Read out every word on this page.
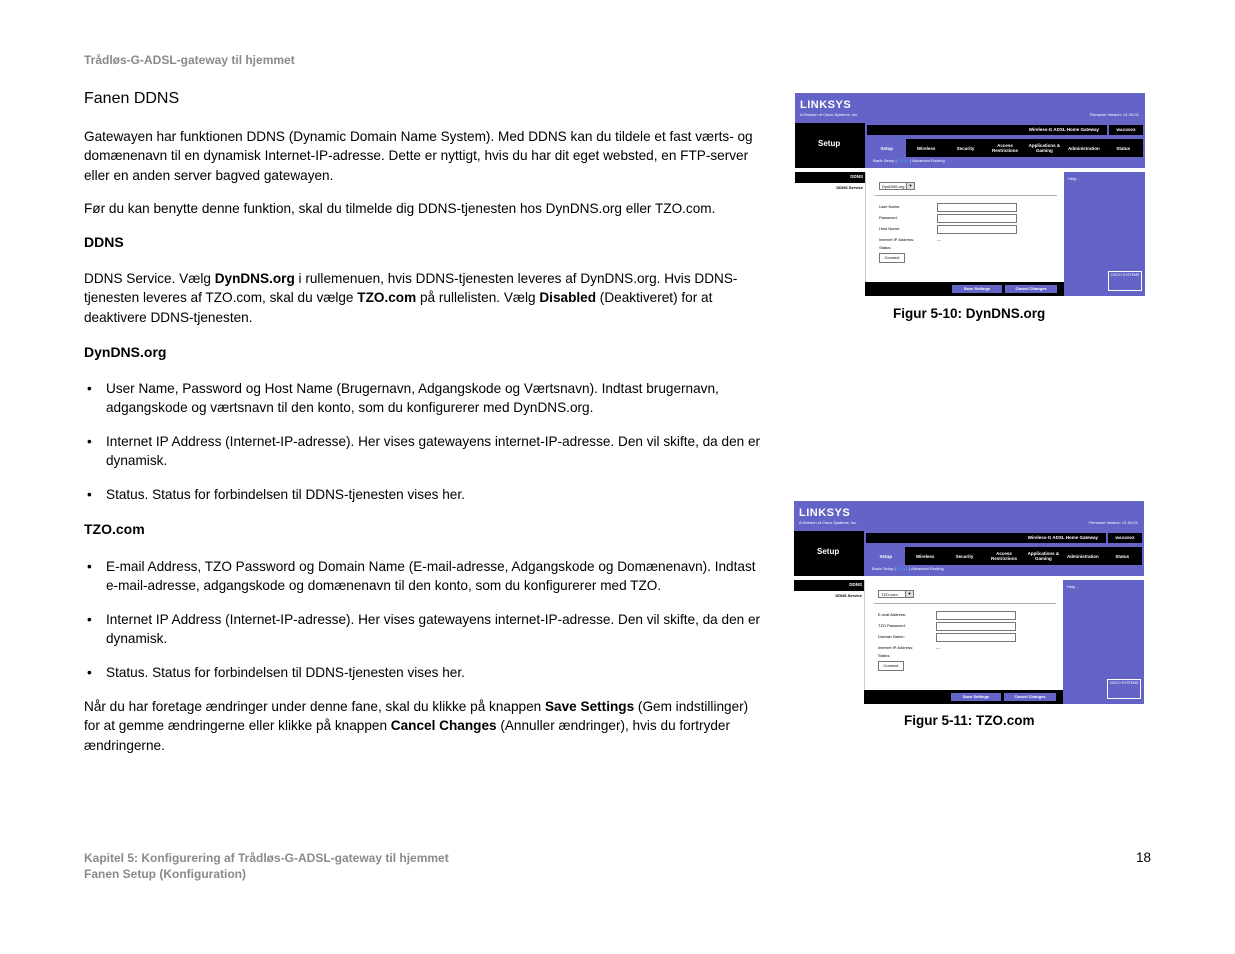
Trådløs-G-ADSL-gateway til hjemmet
Fanen DDNS
Gatewayen har funktionen DDNS (Dynamic Domain Name System). Med DDNS kan du tildele et fast værts- og domænenavn til en dynamisk Internet-IP-adresse. Dette er nyttigt, hvis du har dit eget websted, en FTP-server eller en anden server bagved gatewayen.
Før du kan benytte denne funktion, skal du tilmelde dig DDNS-tjenesten hos DynDNS.org eller TZO.com.
DDNS
DDNS Service. Vælg DynDNS.org i rullemenuen, hvis DDNS-tjenesten leveres af DynDNS.org. Hvis DDNS-tjenesten leveres af TZO.com, skal du vælge TZO.com på rullelisten. Vælg Disabled (Deaktiveret) for at deaktivere DDNS-tjenesten.
DynDNS.org
• User Name, Password og Host Name (Brugernavn, Adgangskode og Værtsnavn). Indtast brugernavn, adgangskode og værtsnavn til den konto, som du konfigurerer med DynDNS.org.
• Internet IP Address (Internet-IP-adresse). Her vises gatewayens internet-IP-adresse. Den vil skifte, da den er dynamisk.
• Status. Status for forbindelsen til DDNS-tjenesten vises her.
TZO.com
• E-mail Address, TZO Password og Domain Name (E-mail-adresse, Adgangskode og Domænenavn). Indtast e-mail-adresse, adgangskode og domænenavn til den konto, som du konfigurerer med TZO.
• Internet IP Address (Internet-IP-adresse). Her vises gatewayens internet-IP-adresse. Den vil skifte, da den er dynamisk.
• Status. Status for forbindelsen til DDNS-tjenesten vises her.
Når du har foretage ændringer under denne fane, skal du klikke på knappen Save Settings (Gem indstillinger) for at gemme ændringerne eller klikke på knappen Cancel Changes (Annuller ændringer), hvis du fortryder ændringerne.
LINKSYS
A Division of Cisco Systems, Inc.	Firmware Version: V1.00.01
Setup
Wireless-G ADSL Home Gateway	WAG200G
Setup	Wireless	Security	Access Restrictions
Applications & Gaming	Administration	Status
Basic Setup | DDNS | Advanced Routing
DDNS
DDNS Service	DynDNS.org	▼
User Name:
Password:
Host Name:
Internet IP Address:	---
Status:
Connect
Help...
CISCO SYSTEMS
Save Settings	Cancel Changes
Figur 5-10: DynDNS.org
LINKSYS
A Division of Cisco Systems, Inc.	Firmware Version: V1.00.01
Setup
Wireless-G ADSL Home Gateway	WAG200G
Setup	Wireless	Security	Access Restrictions
Applications & Gaming	Administration	Status
Basic Setup | DDNS | Advanced Routing
DDNS
DDNS Service	TZO.com	▼
E-mail Address:
TZO Password:
Domain Name:
Internet IP Address:	---
Status:
Connect
Help...
CISCO SYSTEMS
Save Settings	Cancel Changes
Figur 5-11: TZO.com
Kapitel 5: Konfigurering af Trådløs-G-ADSL-gateway til hjemmet
Fanen Setup (Konfiguration)
18
